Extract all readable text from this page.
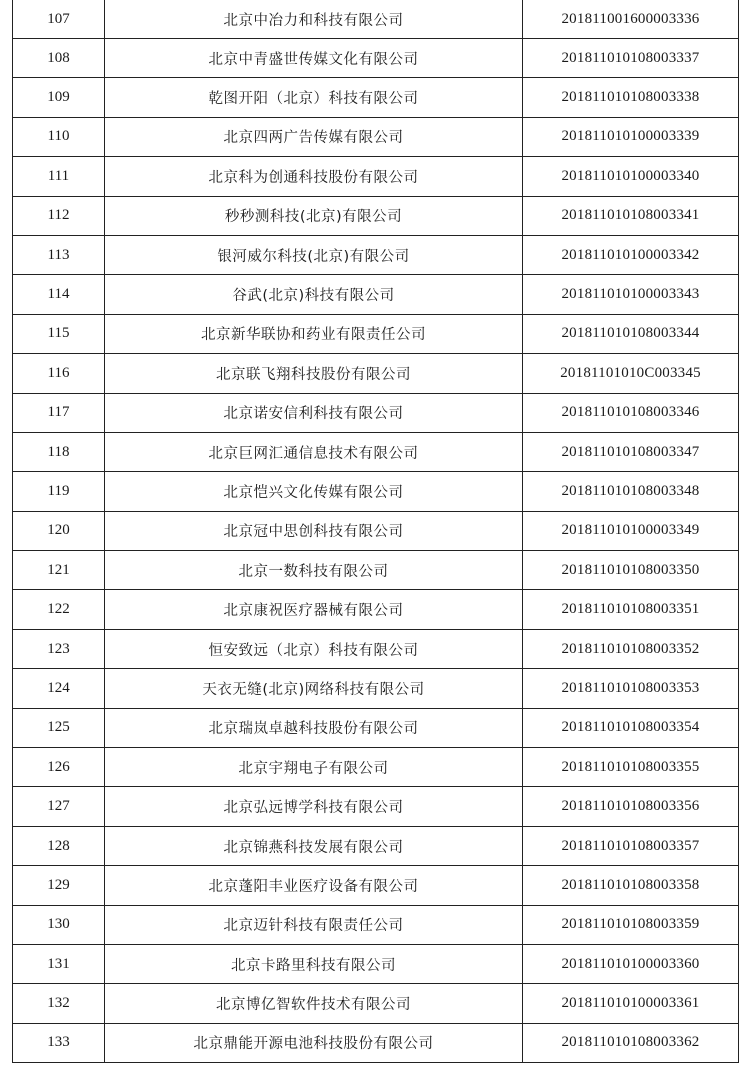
107	北京中冶力和科技有限公司	201811001600003336
108	北京中青盛世传媒文化有限公司	201811010108003337
109	乾图开阳（北京）科技有限公司	201811010108003338
110	北京四两广告传媒有限公司	201811010100003339
111	北京科为创通科技股份有限公司	201811010100003340
112	秒秒测科技(北京)有限公司	201811010108003341
113	银河威尔科技(北京)有限公司	201811010100003342
114	谷武(北京)科技有限公司	201811010100003343
115	北京新华联协和药业有限责任公司	201811010108003344
116	北京联飞翔科技股份有限公司	20181101010C003345
117	北京诺安信利科技有限公司	201811010108003346
118	北京巨网汇通信息技术有限公司	201811010108003347
119	北京恺兴文化传媒有限公司	201811010108003348
120	北京冠中思创科技有限公司	201811010100003349
121	北京一数科技有限公司	201811010108003350
122	北京康祝医疗器械有限公司	201811010108003351
123	恒安致远（北京）科技有限公司	201811010108003352
124	天衣无缝(北京)网络科技有限公司	201811010108003353
125	北京瑞岚卓越科技股份有限公司	201811010108003354
126	北京宇翔电子有限公司	201811010108003355
127	北京弘远博学科技有限公司	201811010108003356
128	北京锦燕科技发展有限公司	201811010108003357
129	北京蓬阳丰业医疗设备有限公司	201811010108003358
130	北京迈针科技有限责任公司	201811010108003359
131	北京卡路里科技有限公司	201811010100003360
132	北京博亿智软件技术有限公司	201811010100003361
133	北京鼎能开源电池科技股份有限公司	201811010108003362
